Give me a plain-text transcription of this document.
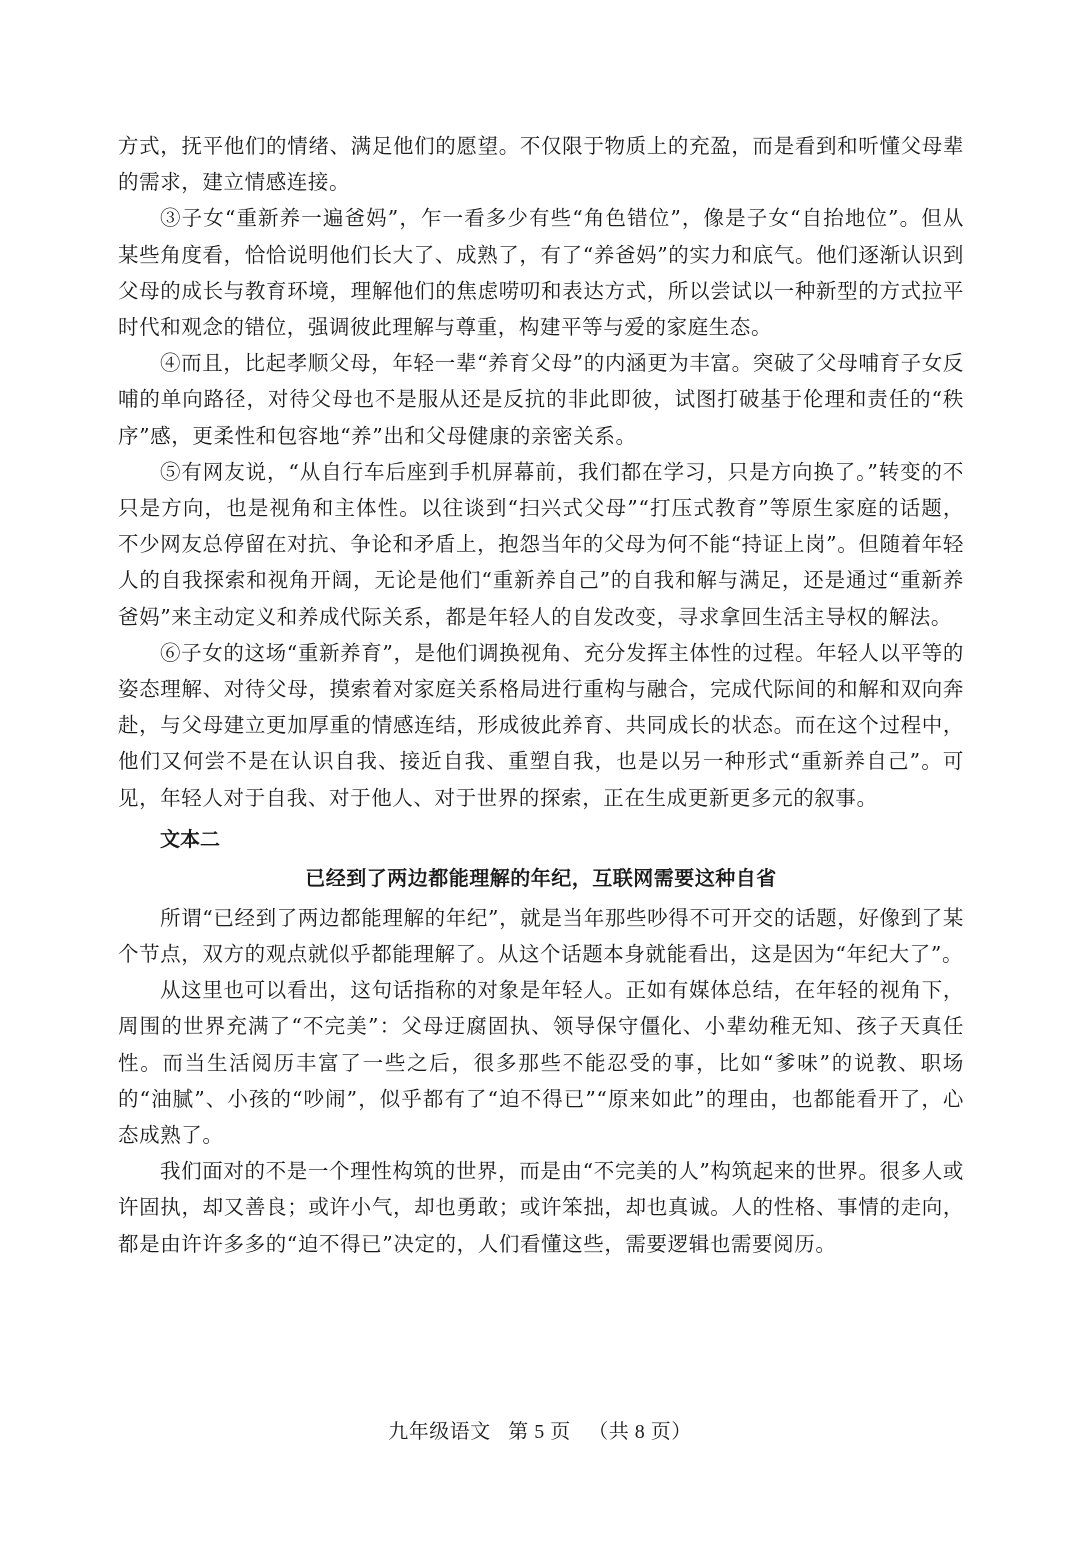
方式，抚平他们的情绪、满足他们的愿望。不仅限于物质上的充盈，而是看到和听懂父母辈的需求，建立情感连接。

③子女“重新养一遍爸妈”，乍一看多少有些“角色错位”，像是子女“自抬地位”。但从某些角度看，恰恰说明他们长大了、成熟了，有了“养爸妈”的实力和底气。他们逐渐认识到父母的成长与教育环境，理解他们的焦虑唠叨和表达方式，所以尝试以一种新型的方式拉平时代和观念的错位，强调彼此理解与尊重，构建平等与爱的家庭生态。

④而且，比起孝顺父母，年轻一辈“养育父母”的内涵更为丰富。突破了父母哺育子女反哺的单向路径，对待父母也不是服从还是反抗的非此即彼，试图打破基于伦理和责任的“秩序”感，更柔性和包容地“养”出和父母健康的亲密关系。

⑤有网友说，“从自行车后座到手机屏幕前，我们都在学习，只是方向换了。”转变的不只是方向，也是视角和主体性。以往谈到“扫兴式父母”“打压式教育”等原生家庭的话题，不少网友总停留在对抗、争论和矛盾上，抱怨当年的父母为何不能“持证上岗”。但随着年轻人的自我探索和视角开阔，无论是他们“重新养自己”的自我和解与满足，还是通过“重新养爸妈”来主动定义和养成代际关系，都是年轻人的自发改变，寻求拿回生活主导权的解法。

⑥子女的这场“重新养育”，是他们调换视角、充分发挥主体性的过程。年轻人以平等的姿态理解、对待父母，摸索着对家庭关系格局进行重构与融合，完成代际间的和解和双向奔赴，与父母建立更加厚重的情感连结，形成彼此养育、共同成长的状态。而在这个过程中，他们又何尝不是在认识自我、接近自我、重塑自我，也是以另一种形式“重新养自己”。可见，年轻人对于自我、对于他人、对于世界的探索，正在生成更新更多元的叙事。

文本二
已经到了两边都能理解的年纪，互联网需要这种自省

所谓“已经到了两边都能理解的年纪”，就是当年那些吵得不可开交的话题，好像到了某个节点，双方的观点就似乎都能理解了。从这个话题本身就能看出，这是因为“年纪大了”。

从这里也可以看出，这句话指称的对象是年轻人。正如有媒体总结，在年轻的视角下，周围的世界充满了“不完美”：父母迂腐固执、领导保守僵化、小辈幼稚无知、孩子天真任性。而当生活阅历丰富了一些之后，很多那些不能忍受的事，比如“爹味”的说教、职场的“油腻”、小孩的“吵闹”，似乎都有了“迫不得已”“原来如此”的理由，也都能看开了，心态成熟了。

我们面对的不是一个理性构筑的世界，而是由“不完美的人”构筑起来的世界。很多人或许固执，却又善良；或许小气，却也勇敢；或许笨拙，却也真诚。人的性格、事情的走向，都是由许许多多的“迫不得已”决定的，人们看懂这些，需要逻辑也需要阅历。

九年级语文 第 5 页 （共 8 页）
